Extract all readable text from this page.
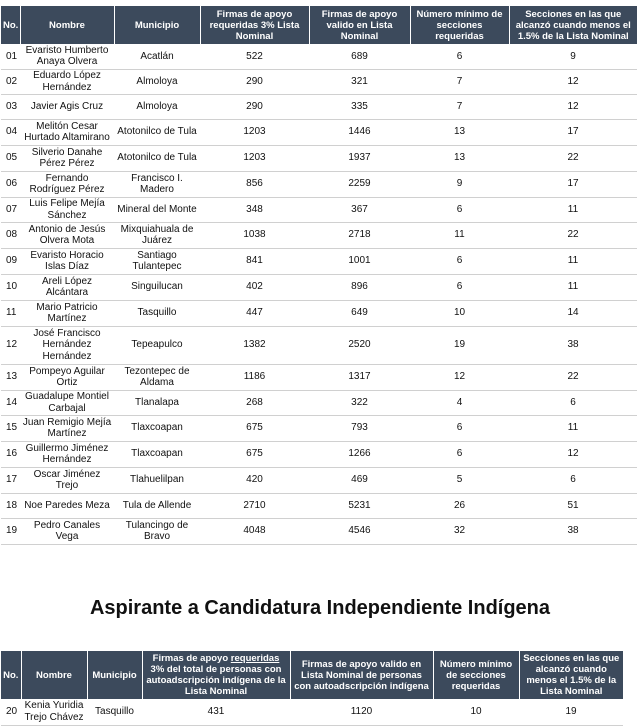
No.	Nombre	Municipio	Firmas de apoyo requeridas 3% Lista Nominal	Firmas de apoyo valido en Lista Nominal	Número mínimo de secciones requeridas	Secciones en las que alcanzó cuando menos el 1.5% de la Lista Nominal
01	Evaristo Humberto Anaya Olvera	Acatlán	522	689	6	9
02	Eduardo López Hernández	Almoloya	290	321	7	12
03	Javier Agis Cruz	Almoloya	290	335	7	12
04	Melitón Cesar Hurtado Altamirano	Atotonilco de Tula	1203	1446	13	17
05	Silverio Danahe Pérez Pérez	Atotonilco de Tula	1203	1937	13	22
06	Fernando Rodríguez Pérez	Francisco I. Madero	856	2259	9	17
07	Luis Felipe Mejía Sánchez	Mineral del Monte	348	367	6	11
08	Antonio de Jesús Olvera Mota	Mixquiahuala de Juárez	1038	2718	11	22
09	Evaristo Horacio Islas Díaz	Santiago Tulantepec	841	1001	6	11
10	Areli López Alcántara	Singuilucan	402	896	6	11
11	Mario Patricio Martínez	Tasquillo	447	649	10	14
12	José Francisco Hernández Hernández	Tepeapulco	1382	2520	19	38
13	Pompeyo Aguilar Ortiz	Tezontepec de Aldama	1186	1317	12	22
14	Guadalupe Montiel Carbajal	Tlanalapa	268	322	4	6
15	Juan Remigio Mejía Martínez	Tlaxcoapan	675	793	6	11
16	Guillermo Jiménez Hernández	Tlaxcoapan	675	1266	6	12
17	Oscar Jiménez Trejo	Tlahuelilpan	420	469	5	6
18	Noe Paredes Meza	Tula de Allende	2710	5231	26	51
19	Pedro Canales Vega	Tulancingo de Bravo	4048	4546	32	38
Aspirante a Candidatura Independiente Indígena
No.	Nombre	Municipio	Firmas de apoyo requeridas 3% del total de personas con autoadscripción indígena de la Lista Nominal	Firmas de apoyo valido en Lista Nominal de personas con autoadscripción indígena	Número mínimo de secciones requeridas	Secciones en las que alcanzó cuando menos el 1.5% de la Lista Nominal
20	Kenia Yuridia Trejo Chávez	Tasquillo	431	1120	10	19
